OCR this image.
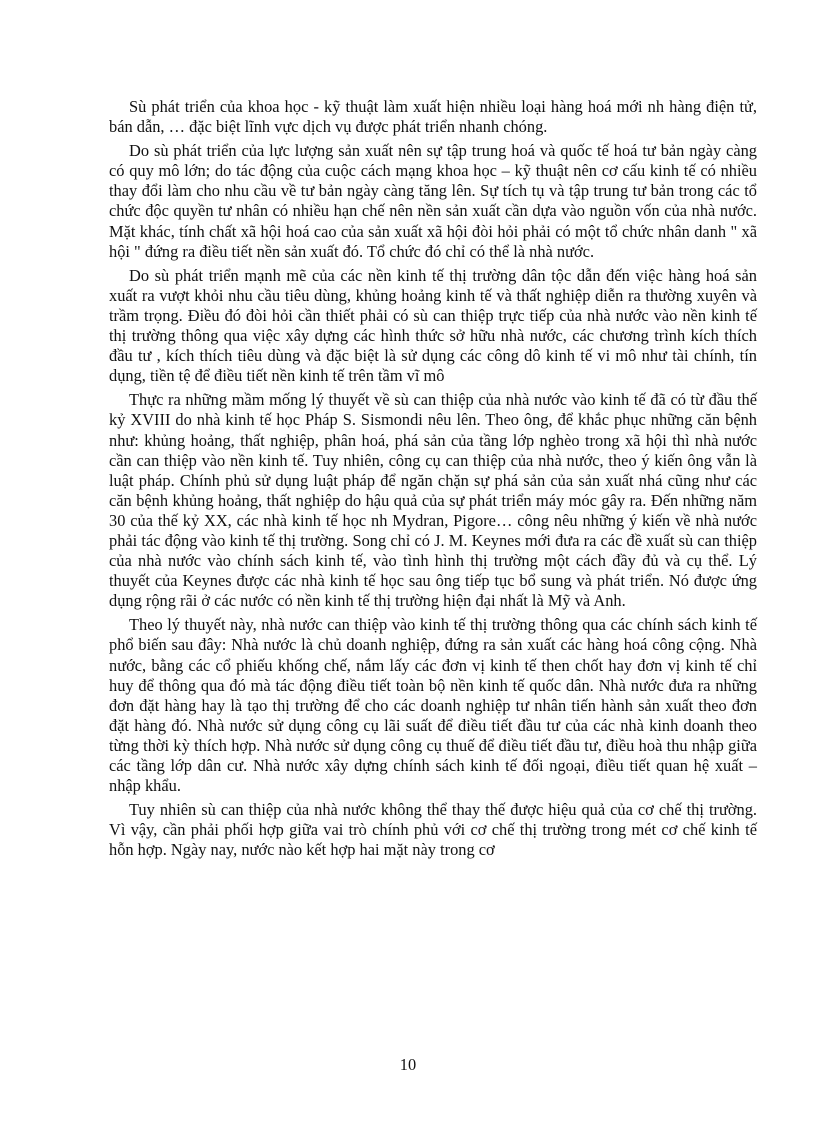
Sù phát triển của khoa học - kỹ thuật làm xuất hiện nhiều loại hàng hoá mới nh hàng điện tử, bán dẫn, … đặc biệt lĩnh vực dịch vụ được phát triển nhanh chóng.

Do sù phát triển của lực lượng sản xuất nên sự tập trung hoá và quốc tế hoá tư bản ngày càng có quy mô lớn; do tác động của cuộc cách mạng khoa học – kỹ thuật nên cơ cấu kinh tế có nhiều thay đổi làm cho nhu cầu về tư bản ngày càng tăng lên. Sự tích tụ và tập trung tư bản trong các tổ chức độc quyền tư nhân có nhiều hạn chế nên nền sản xuất cần dựa vào nguồn vốn của nhà nước. Mặt khác, tính chất xã hội hoá cao của sản xuất xã hội đòi hỏi phải có một tổ chức nhân danh " xã hội " đứng ra điều tiết nền sản xuất đó. Tổ chức đó chỉ có thể là nhà nước.

Do sù phát triển mạnh mẽ của các nền kinh tế thị trường dân tộc dẫn đến việc hàng hoá sản xuất ra vượt khỏi nhu cầu tiêu dùng, khủng hoảng kinh tế và thất nghiệp diễn ra thường xuyên và trầm trọng. Điều đó đòi hỏi cần thiết phải có sù can thiệp trực tiếp của nhà nước vào nền kinh tế thị trường thông qua việc xây dựng các hình thức sở hữu nhà nước, các chương trình kích thích đầu tư , kích thích tiêu dùng và đặc biệt là sử dụng các công dô kinh tế vi mô như tài chính, tín dụng, tiền tệ để điều tiết nền kinh tế trên tầm vĩ mô

Thực ra những mầm mống lý thuyết về sù can thiệp của nhà nước vào kinh tế đã có từ đầu thế kỷ XVIII do nhà kinh tế học Pháp S. Sismondi nêu lên. Theo ông, để khắc phục những căn bệnh như: khủng hoảng, thất nghiệp, phân hoá, phá sản của tầng lớp nghèo trong xã hội thì nhà nước cần can thiệp vào nền kinh tế. Tuy nhiên, công cụ can thiệp của nhà nước, theo ý kiến ông vẫn là luật pháp. Chính phủ sử dụng luật pháp để ngăn chặn sự phá sản của sản xuất nhá cũng như các căn bệnh khủng hoảng, thất nghiệp do hậu quả của sự phát triển máy móc gây ra. Đến những năm 30 của thế kỷ XX, các nhà kinh tế học nh Mydran, Pigore… công nêu những ý kiến về nhà nước phải tác động vào kinh tế thị trường. Song chỉ có J. M. Keynes mới đưa ra các đề xuất sù can thiệp của nhà nước vào chính sách kinh tế, vào tình hình thị trường một cách đầy đủ và cụ thể. Lý thuyết của Keynes được các nhà kinh tế học sau ông tiếp tục bổ sung và phát triển. Nó được ứng dụng rộng rãi ở các nước có nền kinh tế thị trường hiện đại nhất là Mỹ và Anh.

Theo lý thuyết này, nhà nước can thiệp vào kinh tế thị trường thông qua các chính sách kinh tế phổ biến sau đây: Nhà nước là chủ doanh nghiệp, đứng ra sản xuất các hàng hoá công cộng. Nhà nước, bằng các cổ phiếu khống chế, nắm lấy các đơn vị kinh tế then chốt hay đơn vị kinh tế chỉ huy để thông qua đó mà tác động điều tiết toàn bộ nền kinh tế quốc dân. Nhà nước đưa ra những đơn đặt hàng hay là tạo thị trường để cho các doanh nghiệp tư nhân tiến hành sản xuất theo đơn đặt hàng đó. Nhà nước sử dụng công cụ lãi suất để điều tiết đầu tư của các nhà kinh doanh theo từng thời kỳ thích hợp. Nhà nước sử dụng công cụ thuế để điều tiết đầu tư, điều hoà thu nhập giữa các tầng lớp dân cư. Nhà nước xây dựng chính sách kinh tế đối ngoại, điều tiết quan hệ xuất – nhập khẩu.

Tuy nhiên sù can thiệp của nhà nước không thể thay thế được hiệu quả của cơ chế thị trường. Vì vậy, cần phải phối hợp giữa vai trò chính phủ với cơ chế thị trường trong mét cơ chế kinh tế hỗn hợp. Ngày nay, nước nào kết hợp hai mặt này trong cơ

10
